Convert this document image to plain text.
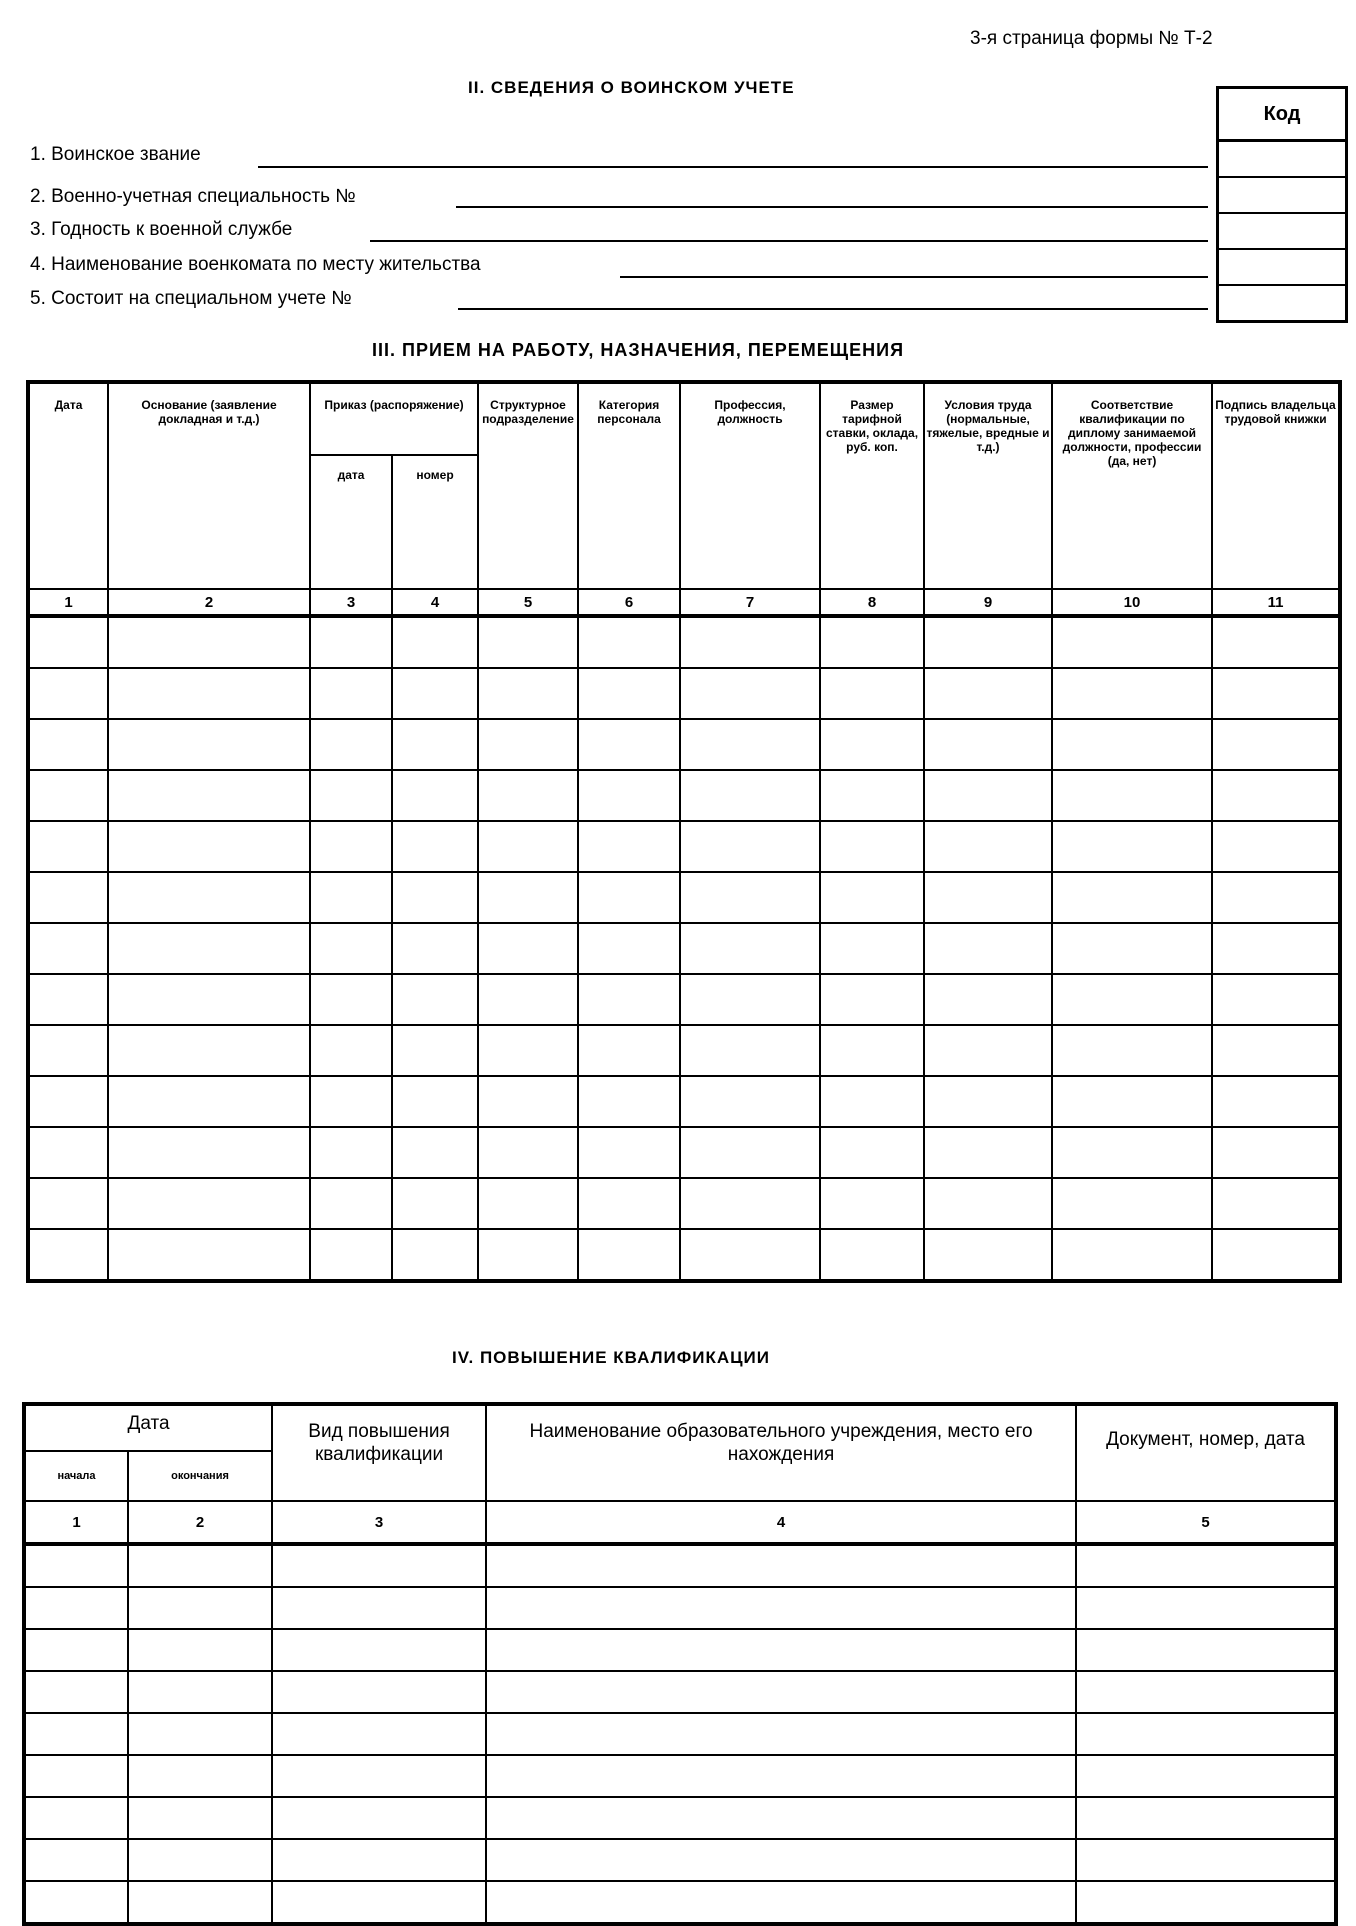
3-я страница формы № Т-2
II. СВЕДЕНИЯ О ВОИНСКОМ УЧЕТЕ
Код
1. Воинское звание
2. Военно-учетная специальность №
3. Годность к военной службе
4. Наименование военкомата по месту жительства
5. Состоит на специальном учете №
III. ПРИЕМ НА РАБОТУ, НАЗНАЧЕНИЯ, ПЕРЕМЕЩЕНИЯ
Дата	Основание (заявление докладная и т.д.)	Приказ (распоряжение)		Структурное подразделение	Категория персонала	Профессия, должность	Размер тарифной ставки, оклада, руб. коп.	Условия труда (нормальные, тяжелые, вредные и т.д.)	Соответствие квалификации по диплому занимаемой должности, профессии (да, нет)	Подпись владельца трудовой книжки
		дата	номер							
1	2	3	4	5	6	7	8	9	10	11

IV. ПОВЫШЕНИЕ КВАЛИФИКАЦИИ
Дата		Вид повышения квалификации	Наименование образовательного учреждения, место его нахождения	Документ, номер, дата
начала	окончания			
1	2	3	4	5
